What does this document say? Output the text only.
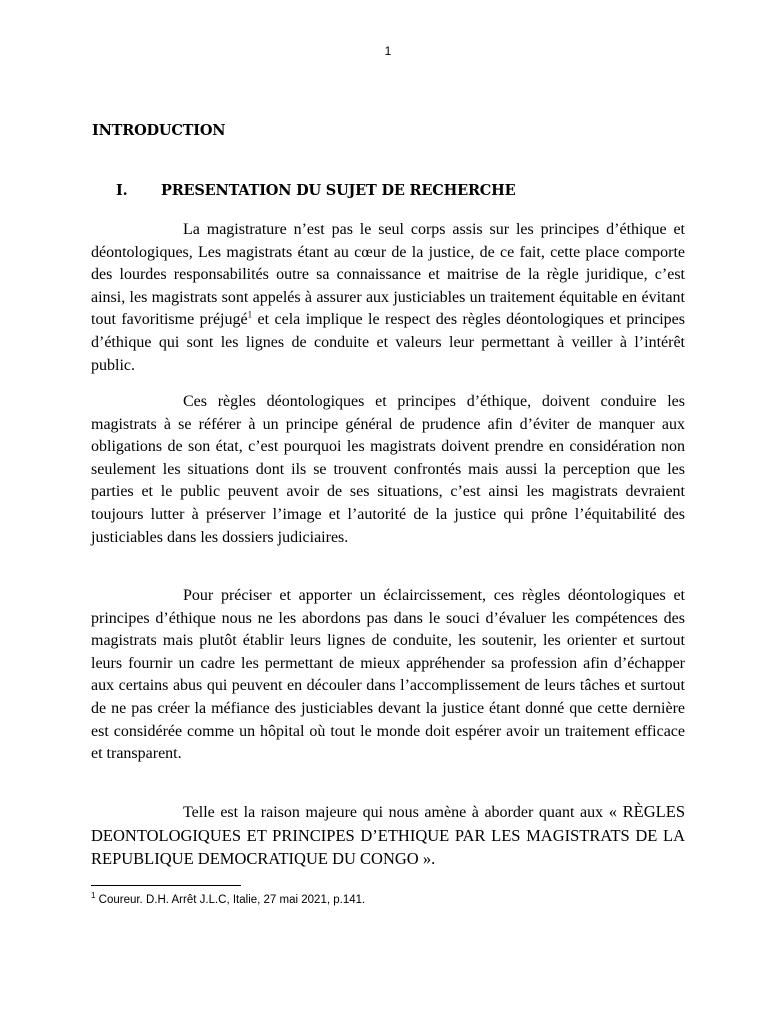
1
INTRODUCTION
I. PRESENTATION DU SUJET DE RECHERCHE

La magistrature n’est pas le seul corps assis sur les principes d’éthique et déontologiques, Les magistrats étant au cœur de la justice, de ce fait, cette place comporte des lourdes responsabilités outre sa connaissance et maitrise de la règle juridique, c’est ainsi, les magistrats sont appelés à assurer aux justiciables un traitement équitable en évitant tout favoritisme préjugé$^1$ et cela implique le respect des règles déontologiques et principes d’éthique qui sont les lignes de conduite et valeurs leur permettant à veiller à l’intérêt public.

Ces règles déontologiques et principes d’éthique, doivent conduire les magistrats à se référer à un principe général de prudence afin d’éviter de manquer aux obligations de son état, c’est pourquoi les magistrats doivent prendre en considération non seulement les situations dont ils se trouvent confrontés mais aussi la perception que les parties et le public peuvent avoir de ses situations, c’est ainsi les magistrats devraient toujours lutter à préserver l’image et l’autorité de la justice qui prône l’équitabilité des justiciables dans les dossiers judiciaires.

Pour préciser et apporter un éclaircissement, ces règles déontologiques et principes d’éthique nous ne les abordons pas dans le souci d’évaluer les compétences des magistrats mais plutôt établir leurs lignes de conduite, les soutenir, les orienter et surtout leurs fournir un cadre les permettant de mieux appréhender sa profession afin d’échapper aux certains abus qui peuvent en découler dans l’accomplissement de leurs tâches et surtout de ne pas créer la méfiance des justiciables devant la justice étant donné que cette dernière est considérée comme un hôpital où tout le monde doit espérer avoir un traitement efficace et transparent.

Telle est la raison majeure qui nous amène à aborder quant aux « RÈGLES DEONTOLOGIQUES ET PRINCIPES D’ETHIQUE PAR LES MAGISTRATS DE LA REPUBLIQUE DEMOCRATIQUE DU CONGO ».

$^1$ Coureur. D.H. Arrêt J.L.C, Italie, 27 mai 2021, p.141.
